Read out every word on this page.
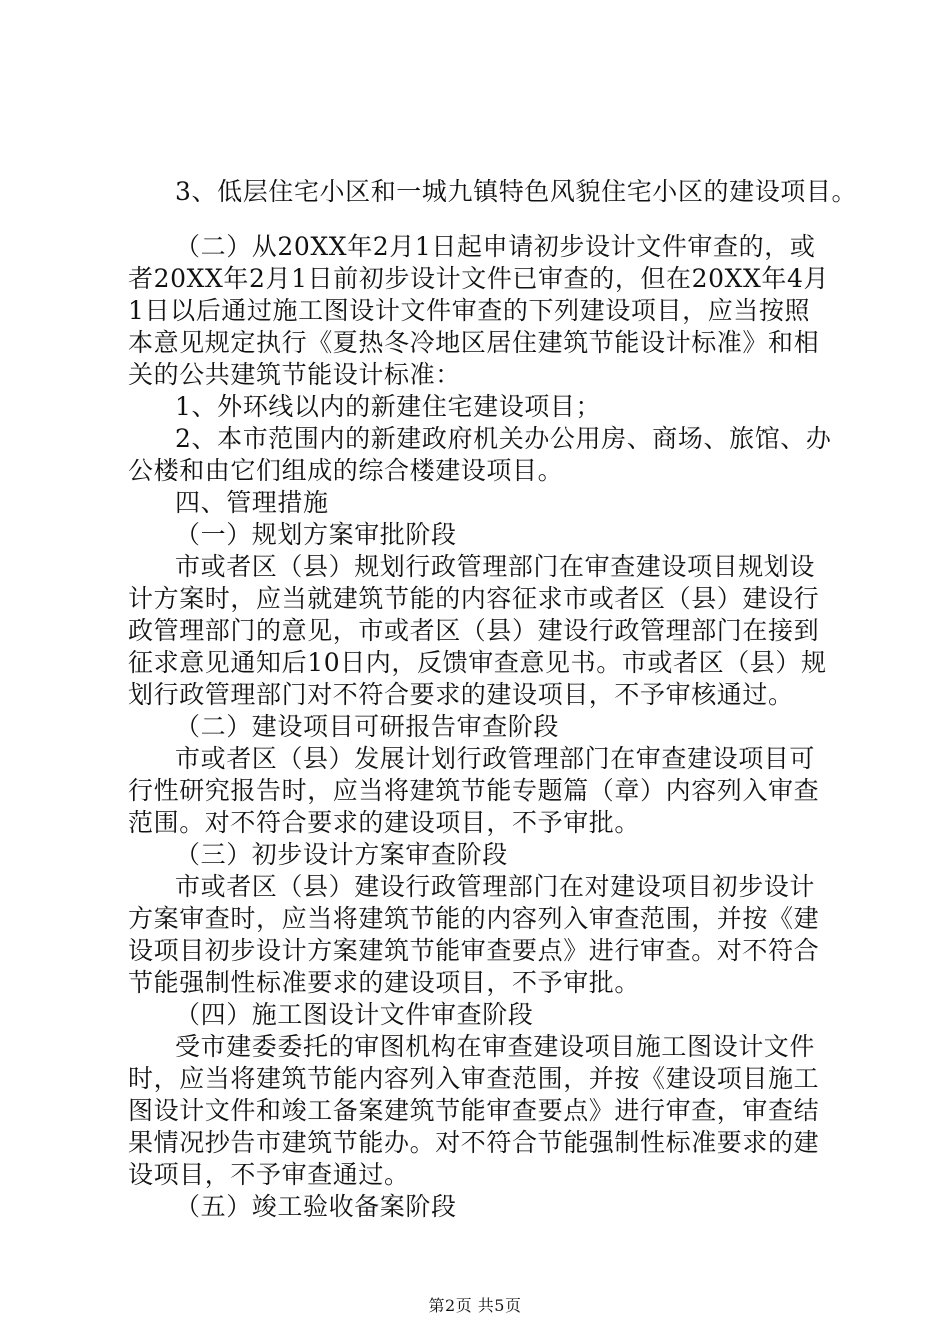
3、低层住宅小区和一城九镇特色风貌住宅小区的建设项目。
（二）从20XX年2月1日起申请初步设计文件审查的，或
者20XX年2月1日前初步设计文件已审查的，但在20XX年4月
1日以后通过施工图设计文件审查的下列建设项目，应当按照
本意见规定执行《夏热冬冷地区居住建筑节能设计标准》和相
关的公共建筑节能设计标准：
1、外环线以内的新建住宅建设项目；
2、本市范围内的新建政府机关办公用房、商场、旅馆、办
公楼和由它们组成的综合楼建设项目。
四、管理措施
（一）规划方案审批阶段
市或者区（县）规划行政管理部门在审查建设项目规划设
计方案时，应当就建筑节能的内容征求市或者区（县）建设行
政管理部门的意见，市或者区（县）建设行政管理部门在接到
征求意见通知后10日内，反馈审查意见书。市或者区（县）规
划行政管理部门对不符合要求的建设项目，不予审核通过。
（二）建设项目可研报告审查阶段
市或者区（县）发展计划行政管理部门在审查建设项目可
行性研究报告时，应当将建筑节能专题篇（章）内容列入审查
范围。对不符合要求的建设项目，不予审批。
（三）初步设计方案审查阶段
市或者区（县）建设行政管理部门在对建设项目初步设计
方案审查时，应当将建筑节能的内容列入审查范围，并按《建
设项目初步设计方案建筑节能审查要点》进行审查。对不符合
节能强制性标准要求的建设项目，不予审批。
（四）施工图设计文件审查阶段
受市建委委托的审图机构在审查建设项目施工图设计文件
时，应当将建筑节能内容列入审查范围，并按《建设项目施工
图设计文件和竣工备案建筑节能审查要点》进行审查，审查结
果情况抄告市建筑节能办。对不符合节能强制性标准要求的建
设项目，不予审查通过。
（五）竣工验收备案阶段
第2页 共5页
